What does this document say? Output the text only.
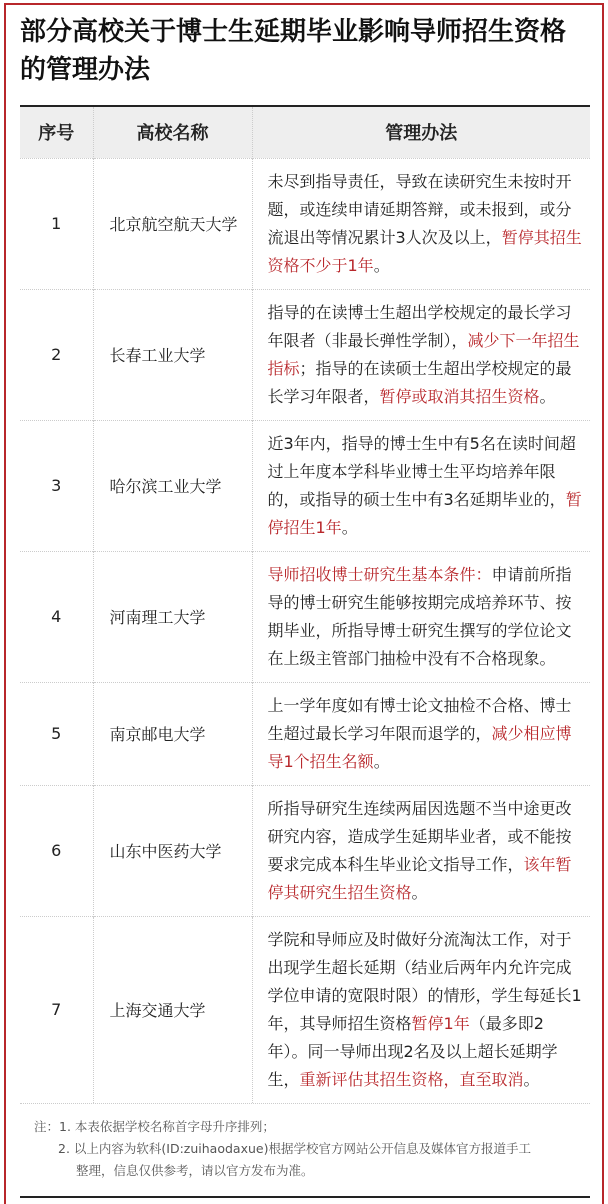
部分高校关于博士生延期毕业影响导师招生资格的管理办法
序号	高校名称	管理办法
1	北京航空航天大学	未尽到指导责任，导致在读研究生未按时开题，或连续申请延期答辩，或未报到，或分流退出等情况累计3人次及以上，暂停其招生资格不少于1年。
2	长春工业大学	指导的在读博士生超出学校规定的最长学习年限者（非最长弹性学制），减少下一年招生指标；指导的在读硕士生超出学校规定的最长学习年限者，暂停或取消其招生资格。
3	哈尔滨工业大学	近3年内，指导的博士生中有5名在读时间超过上年度本学科毕业博士生平均培养年限的，或指导的硕士生中有3名延期毕业的，暂停招生1年。
4	河南理工大学	导师招收博士研究生基本条件：申请前所指导的博士研究生能够按期完成培养环节、按期毕业，所指导博士研究生撰写的学位论文在上级主管部门抽检中没有不合格现象。
5	南京邮电大学	上一学年度如有博士论文抽检不合格、博士生超过最长学习年限而退学的，减少相应博导1个招生名额。
6	山东中医药大学	所指导研究生连续两届因选题不当中途更改研究内容，造成学生延期毕业者，或不能按要求完成本科生毕业论文指导工作，该年暂停其研究生招生资格。
7	上海交通大学	学院和导师应及时做好分流淘汰工作，对于出现学生超长延期（结业后两年内允许完成学位申请的宽限时限）的情形，学生每延长1年，其导师招生资格暂停1年（最多即2年）。同一导师出现2名及以上超长延期学生，重新评估其招生资格，直至取消。
注：1. 本表依据学校名称首字母升序排列；
2. 以上内容为软科(ID:zuihaodaxue)根据学校官方网站公开信息及媒体官方报道手工
整理，信息仅供参考，请以官方发布为准。
